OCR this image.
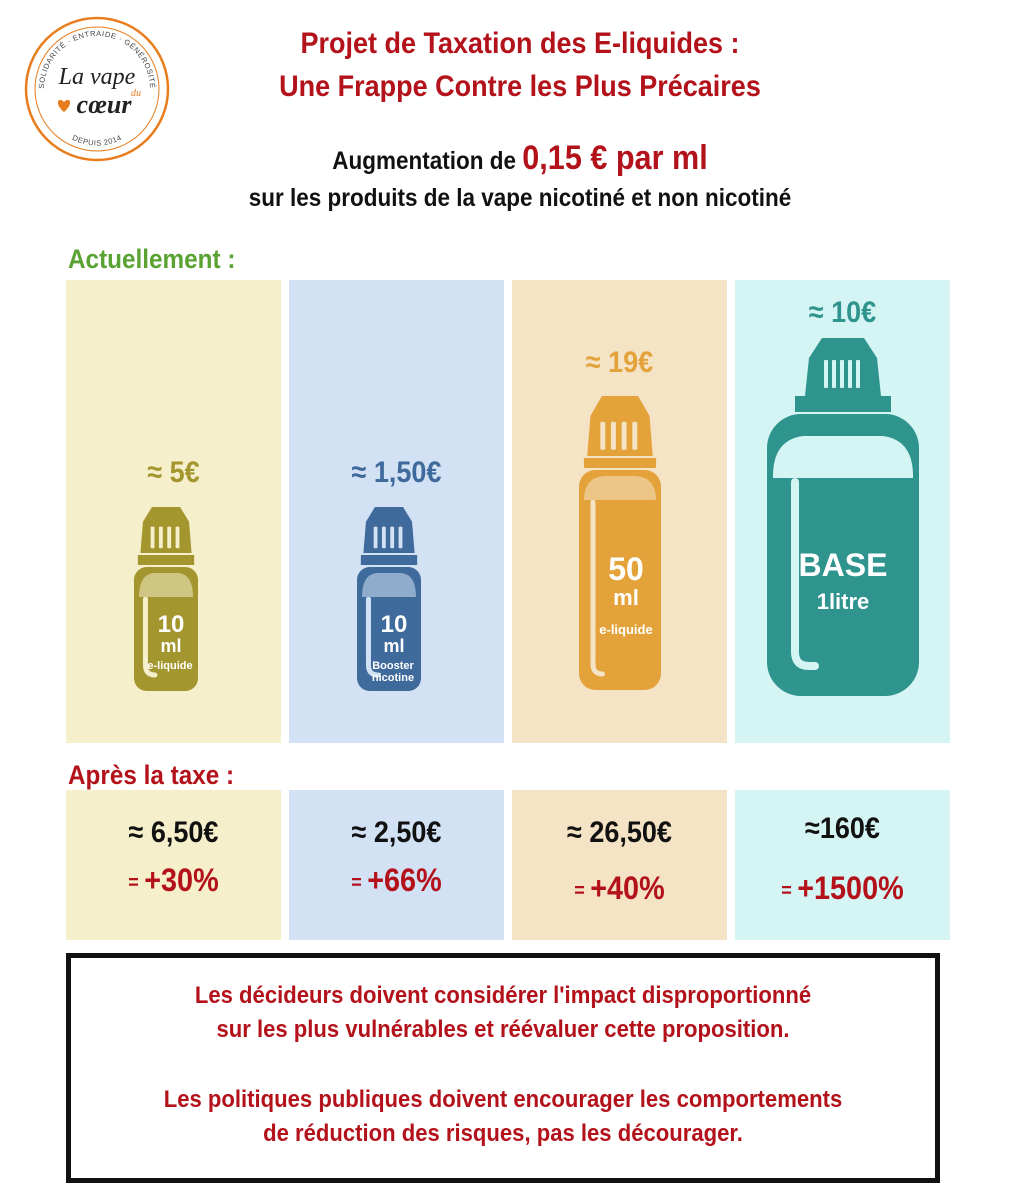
SOLIDARITÉ · ENTRAIDE · GÉNÉROSITÉ
La vape
du
cœur
DEPUIS 2014
Projet de Taxation des E-liquides :
Une Frappe Contre les Plus Précaires
Augmentation de 0,15 € par ml
sur les produits de la vape nicotiné et non nicotiné
Actuellement :
≈ 5€
10
ml
e-liquide
≈ 1,50€
10
ml
Booster
nicotine
≈ 19€
50
ml
e-liquide
≈ 10€
BASE
1litre
Après la taxe :
≈ 6,50€
= +30%
≈ 2,50€
= +66%
≈ 26,50€
= +40%
≈160€
= +1500%
Les décideurs doivent considérer l'impact disproportionné
sur les plus vulnérables et réévaluer cette proposition.
Les politiques publiques doivent encourager les comportements
de réduction des risques, pas les décourager.
